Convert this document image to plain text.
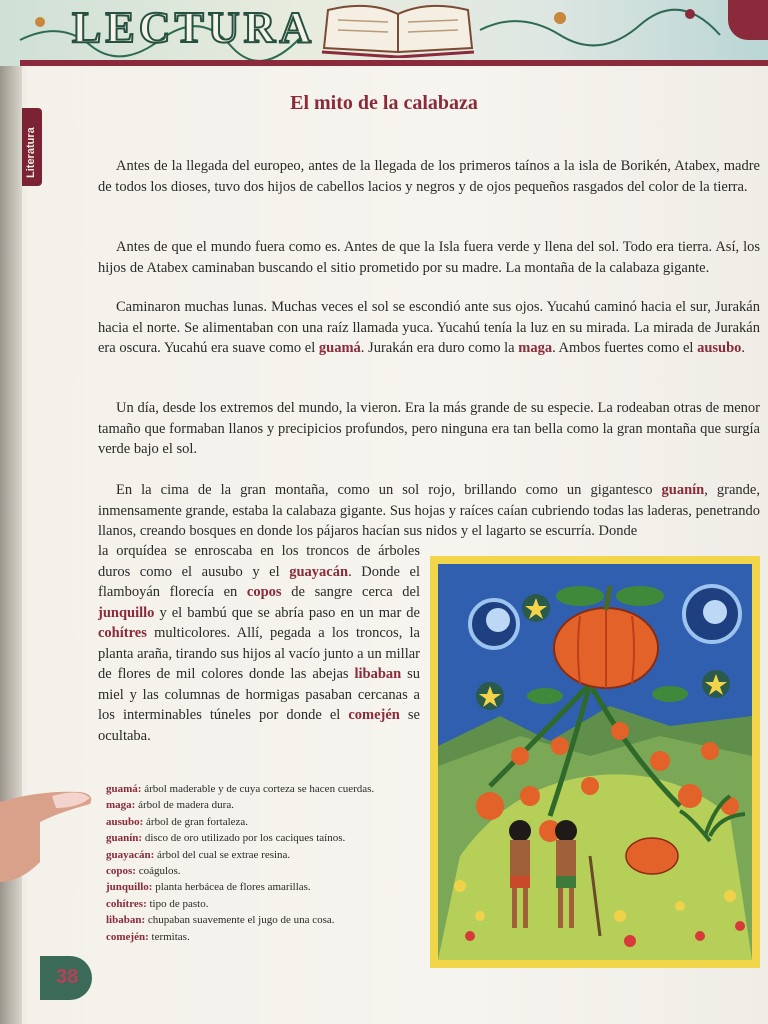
LECTURA
Literatura
El mito de la calabaza

Antes de la llegada del europeo, antes de la llegada de los primeros taínos a la isla de Borikén, Atabex, madre de todos los dioses, tuvo dos hijos de cabellos lacios y negros y de ojos pequeños rasgados del color de la tierra.

Antes de que el mundo fuera como es. Antes de que la Isla fuera verde y llena del sol. Todo era tierra. Así, los hijos de Atabex caminaban buscando el sitio prometido por su madre. La montaña de la calabaza gigante.

Caminaron muchas lunas. Muchas veces el sol se escondió ante sus ojos. Yucahú caminó hacia el sur, Jurakán hacia el norte. Se alimentaban con una raíz llamada yuca. Yucahú tenía la luz en su mirada. La mirada de Jurakán era oscura. Yucahú era suave como el guamá. Jurakán era duro como la maga. Ambos fuertes como el ausubo.

Un día, desde los extremos del mundo, la vieron. Era la más grande de su especie. La rodeaban otras de menor tamaño que formaban llanos y precipicios profundos, pero ninguna era tan bella como la gran montaña que surgía verde bajo el sol.

En la cima de la gran montaña, como un sol rojo, brillando como un gigantesco guanín, grande, inmensamente grande, estaba la calabaza gigante. Sus hojas y raíces caían cubriendo todas las laderas, penetrando llanos, creando bosques en donde los pájaros hacían sus nidos y el lagarto se escurría. Donde

la orquídea se enroscaba en los troncos de árboles duros como el ausubo y el guayacán. Donde el flamboyán florecía en copos de sangre cerca del junquillo y el bambú que se abría paso en un mar de cohítres multicolores. Allí, pegada a los troncos, la planta araña, tirando sus hijos al vacío junto a un millar de flores de mil colores donde las abejas libaban su miel y las columnas de hormigas pasaban cercanas a los interminables túneles por donde el comején se ocultaba.

guamá: árbol maderable y de cuya corteza se hacen cuerdas.
maga: árbol de madera dura.
ausubo: árbol de gran fortaleza.
guanín: disco de oro utilizado por los caciques taínos.
guayacán: árbol del cual se extrae resina.
copos: coágulos.
junquillo: planta herbácea de flores amarillas.
cohítres: tipo de pasto.
libaban: chupaban suavemente el jugo de una cosa.
comején: termitas.
38
